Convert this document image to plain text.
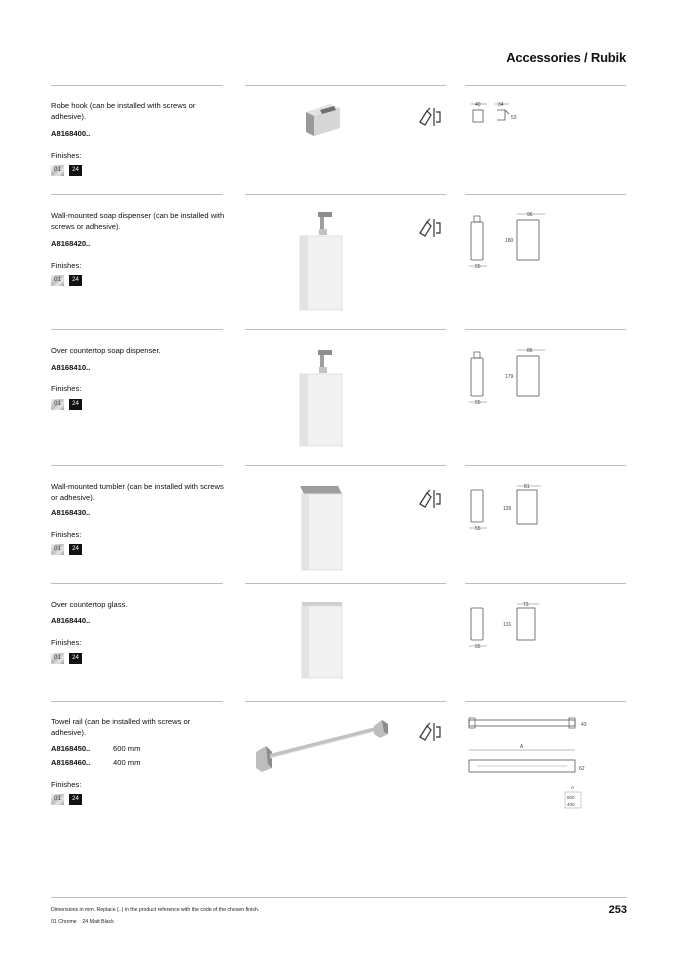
Accessories / Rubik
Robe hook (can be installed with screws or adhesive).
A8168400..
Finishes:
01	24
Wall-mounted soap dispenser (can be installed with screws or adhesive).
A8168420..
Finishes:
01	24
Over countertop soap dispenser.
A8168410..
Finishes:
01	24
Wall-mounted tumbler (can be installed with screws or adhesive).
A8168430..
Finishes:
01	24
Over countertop glass.
A8168440..
Finishes:
01	24
Towel rail (can be installed with screws or adhesive).
A8168450..	600 mm
A8168460..	400 mm
Finishes:
01	24
40	34
53
55
96
180
55
86
179
55
81
135
55
73
131
43
A
62
A
600
400
Dimensions in mm. Replace (..) in the product reference with the code of the chosen finish.
01 Chrome    24 Matt Black
253
